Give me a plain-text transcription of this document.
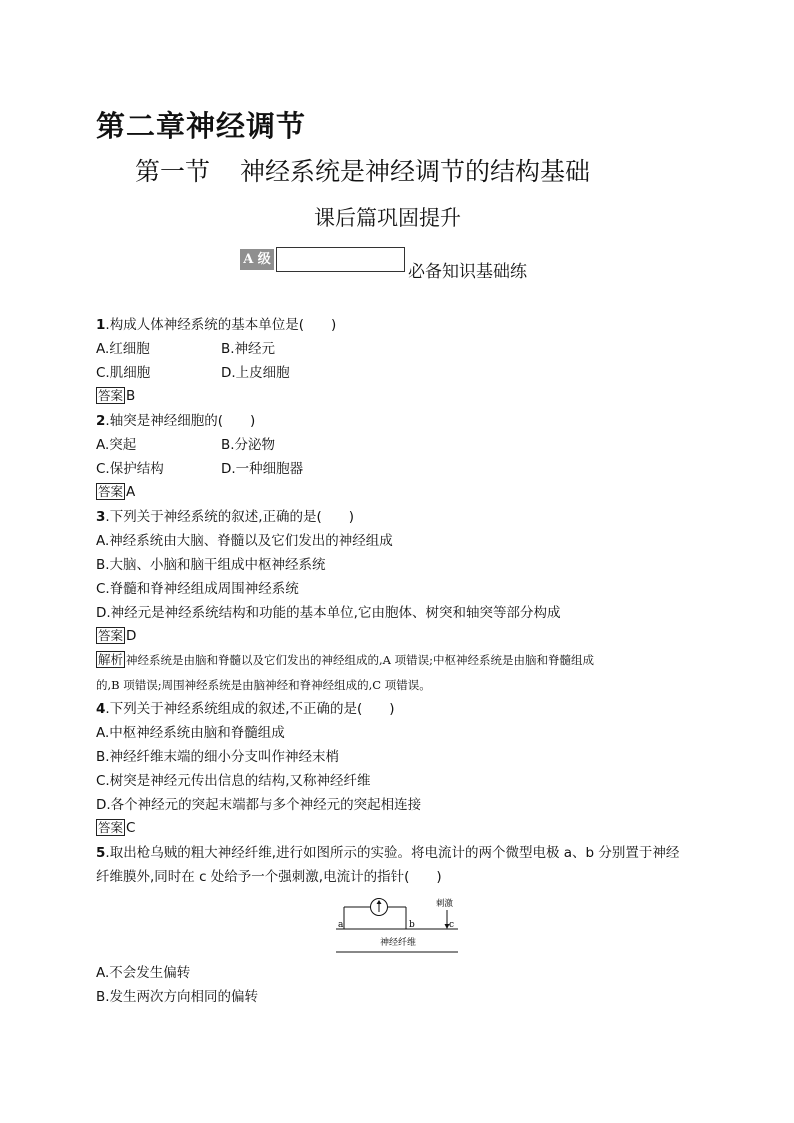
第二章神经调节
第一节 神经系统是神经调节的结构基础
课后篇巩固提升
A 级
必备知识基础练
1.构成人体神经系统的基本单位是(　　)
A.红细胞	B.神经元
C.肌细胞	D.上皮细胞
答案 B
2.轴突是神经细胞的(　　)
A.突起	B.分泌物
C.保护结构	D.一种细胞器
答案 A
3.下列关于神经系统的叙述,正确的是(　　)
A.神经系统由大脑、脊髓以及它们发出的神经组成
B.大脑、小脑和脑干组成中枢神经系统
C.脊髓和脊神经组成周围神经系统
D.神经元是神经系统结构和功能的基本单位,它由胞体、树突和轴突等部分构成
答案 D
解析 神经系统是由脑和脊髓以及它们发出的神经组成的,A 项错误;中枢神经系统是由脑和脊髓组成
的,B 项错误;周围神经系统是由脑神经和脊神经组成的,C 项错误。
4.下列关于神经系统组成的叙述,不正确的是(　　)
A.中枢神经系统由脑和脊髓组成
B.神经纤维末端的细小分支叫作神经末梢
C.树突是神经元传出信息的结构,又称神经纤维
D.各个神经元的突起末端都与多个神经元的突起相连接
答案 C
5.取出枪乌贼的粗大神经纤维,进行如图所示的实验。将电流计的两个微型电极 a、b 分别置于神经
纤维膜外,同时在 c 处给予一个强刺激,电流计的指针(　　)
a	b	c
刺激
神经纤维
A.不会发生偏转
B.发生两次方向相同的偏转
